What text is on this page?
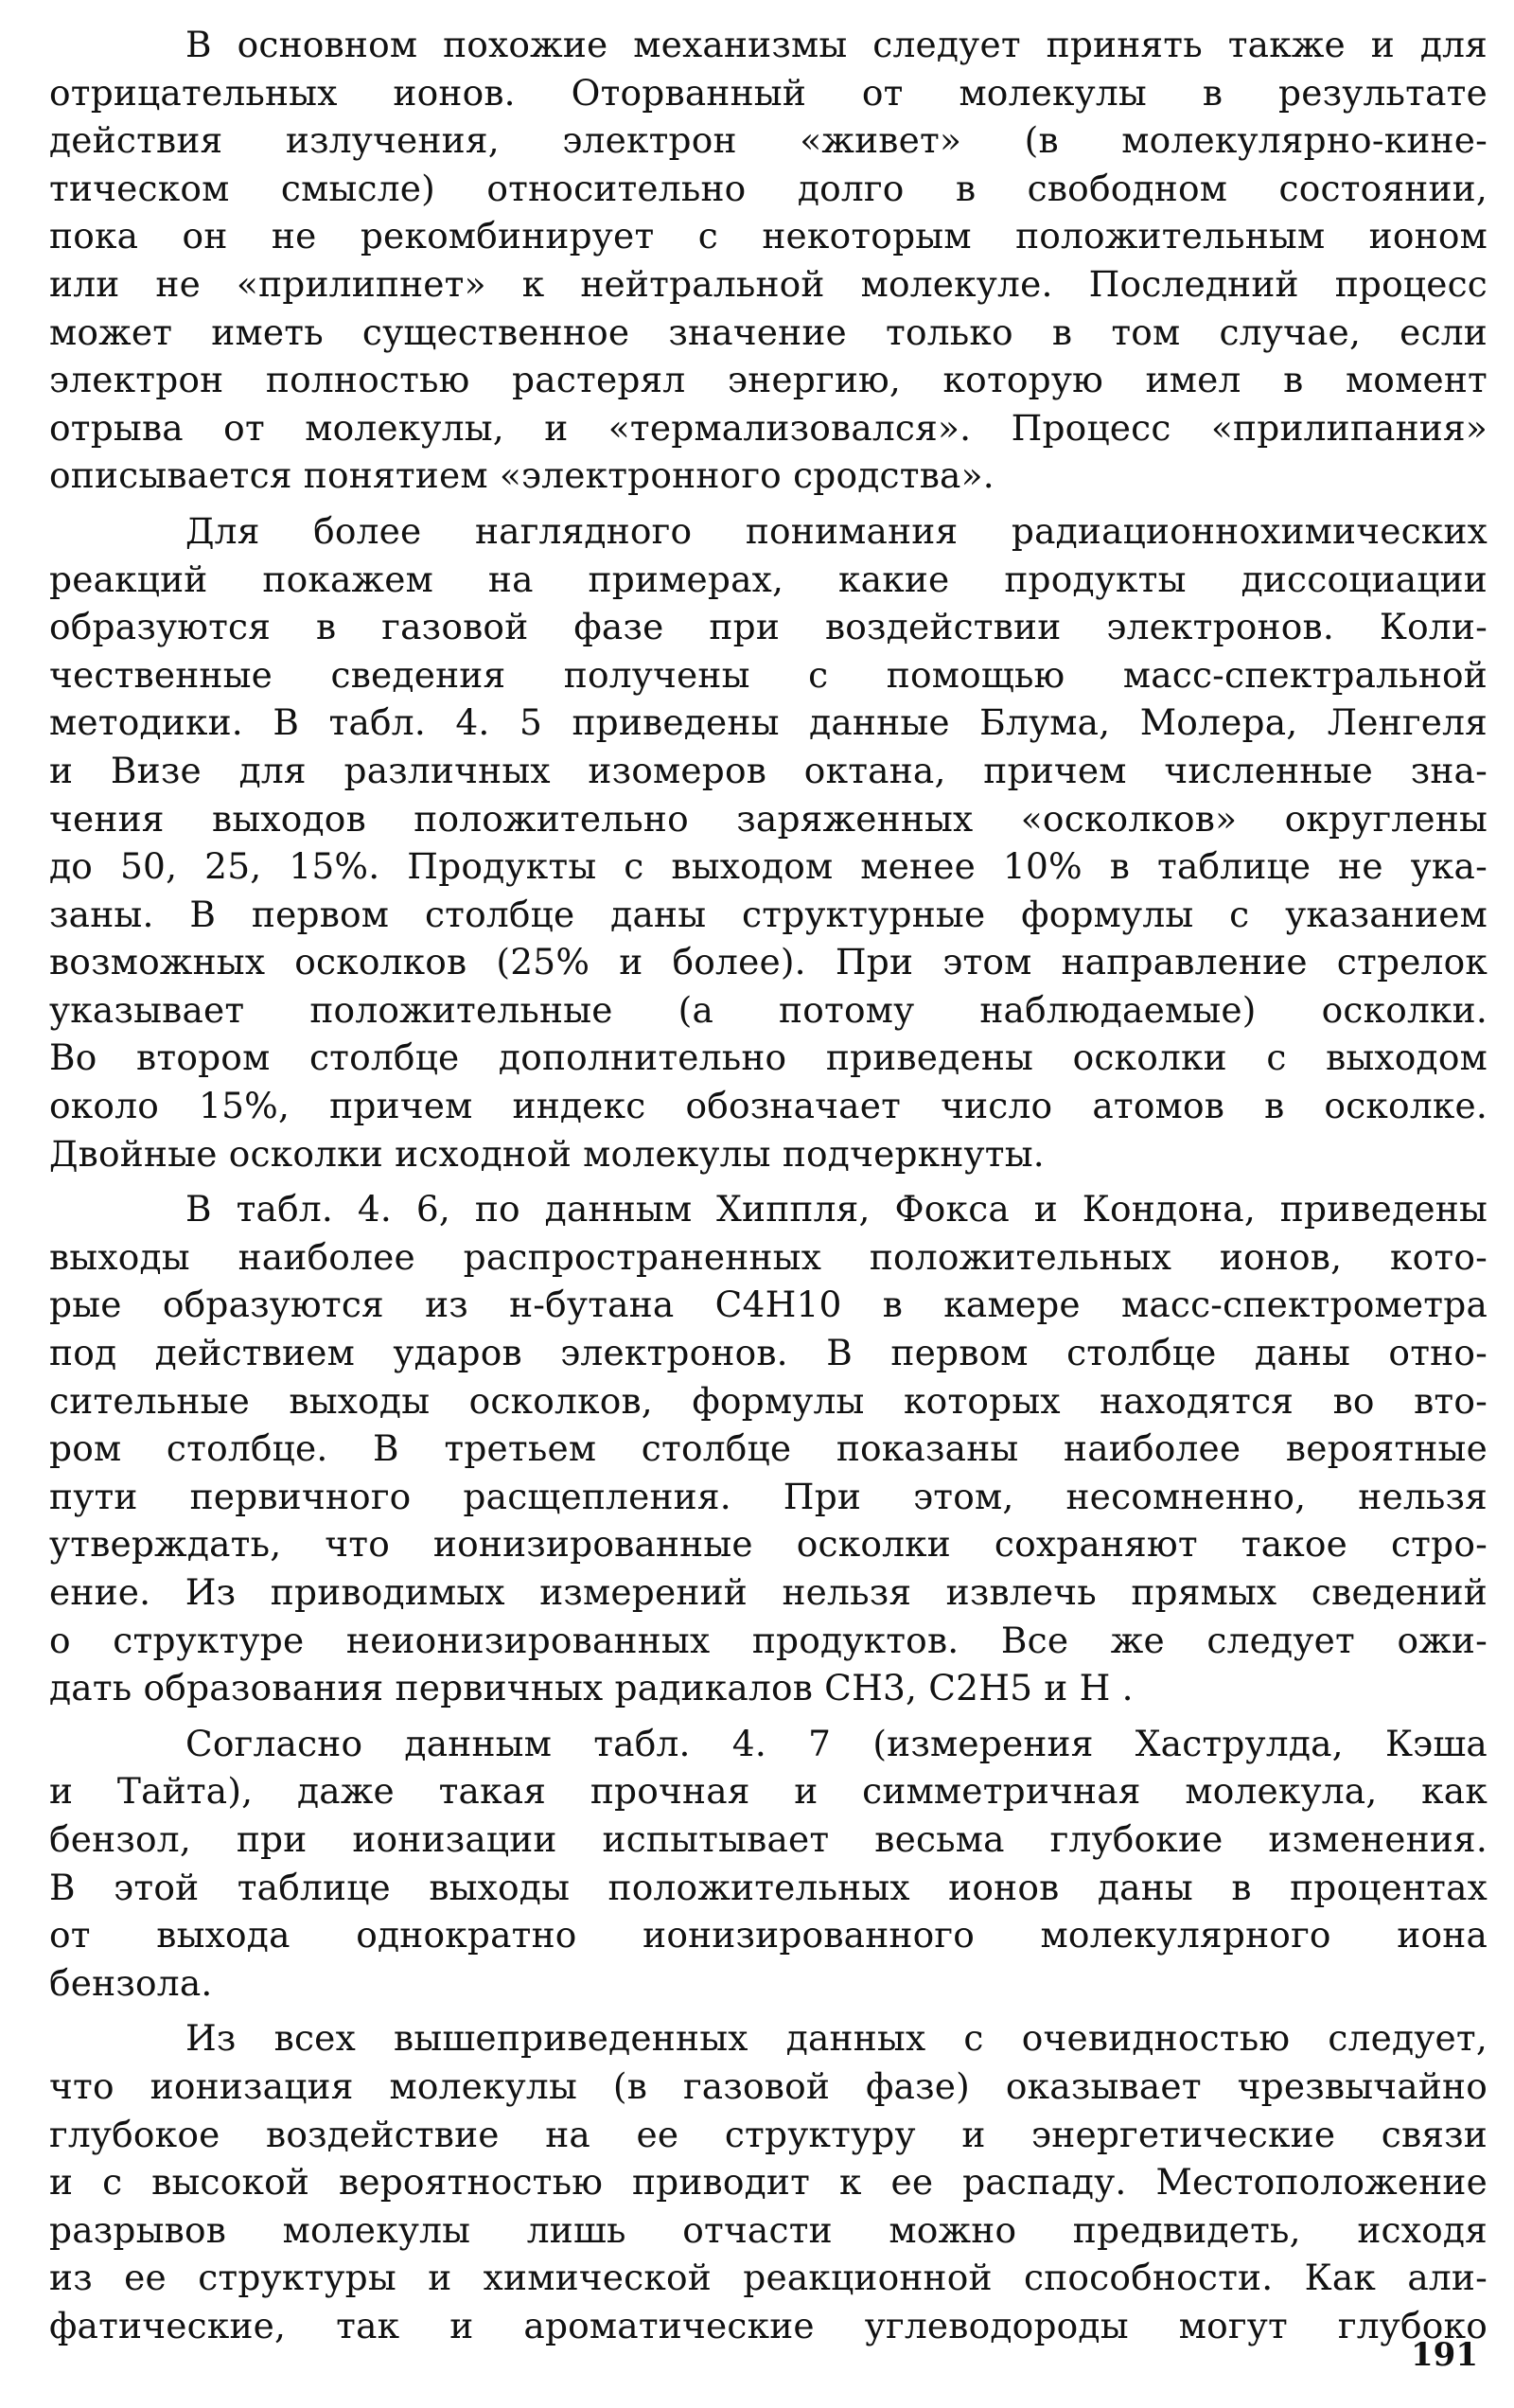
В основном похожие механизмы следует принять также и для
отрицательных ионов. Оторванный от молекулы в результате
действия излучения, электрон «живет» (в молекулярно-кине-
тическом смысле) относительно долго в свободном состоянии,
пока он не рекомбинирует с некоторым положительным ионом
или не «прилипнет» к нейтральной молекуле. Последний процесс
может иметь существенное значение только в том случае, если
электрон полностью растерял энергию, которую имел в момент
отрыва от молекулы, и «термализовался». Процесс «прилипания»
описывается понятием «электронного сродства».
Для более наглядного понимания радиационнохимических
реакций покажем на примерах, какие продукты диссоциации
образуются в газовой фазе при воздействии электронов. Коли-
чественные сведения получены с помощью масс-спектральной
методики. В табл. 4. 5 приведены данные Блума, Молера, Ленгеля
и Визе для различных изомеров октана, причем численные зна-
чения выходов положительно заряженных «осколков» округлены
до 50, 25, 15%. Продукты с выходом менее 10% в таблице не ука-
заны. В первом столбце даны структурные формулы с указанием
возможных осколков (25% и более). При этом направление стрелок
указывает положительные (а потому наблюдаемые) осколки.
Во втором столбце дополнительно приведены осколки с выходом
около 15%, причем индекс обозначает число атомов в осколке.
Двойные осколки исходной молекулы подчеркнуты.
В табл. 4. 6, по данным Хиппля, Фокса и Кондона, приведены
выходы наиболее распространенных положительных ионов, кото-
рые образуются из н-бутана C4H10 в камере масс-спектрометра
под действием ударов электронов. В первом столбце даны отно-
сительные выходы осколков, формулы которых находятся во вто-
ром столбце. В третьем столбце показаны наиболее вероятные
пути первичного расщепления. При этом, несомненно, нельзя
утверждать, что ионизированные осколки сохраняют такое стро-
ение. Из приводимых измерений нельзя извлечь прямых сведений
о структуре неионизированных продуктов. Все же следует ожи-
дать образования первичных радикалов CH3, C2H5 и H .
Согласно данным табл. 4. 7 (измерения Хаструлда, Кэша
и Тайта), даже такая прочная и симметричная молекула, как
бензол, при ионизации испытывает весьма глубокие изменения.
В этой таблице выходы положительных ионов даны в процентах
от выхода однократно ионизированного молекулярного иона
бензола.
Из всех вышеприведенных данных с очевидностью следует,
что ионизация молекулы (в газовой фазе) оказывает чрезвычайно
глубокое воздействие на ее структуру и энергетические связи
и с высокой вероятностью приводит к ее распаду. Местоположение
разрывов молекулы лишь отчасти можно предвидеть, исходя
из ее структуры и химической реакционной способности. Как али-
фатические, так и ароматические углеводороды могут глубоко
191
